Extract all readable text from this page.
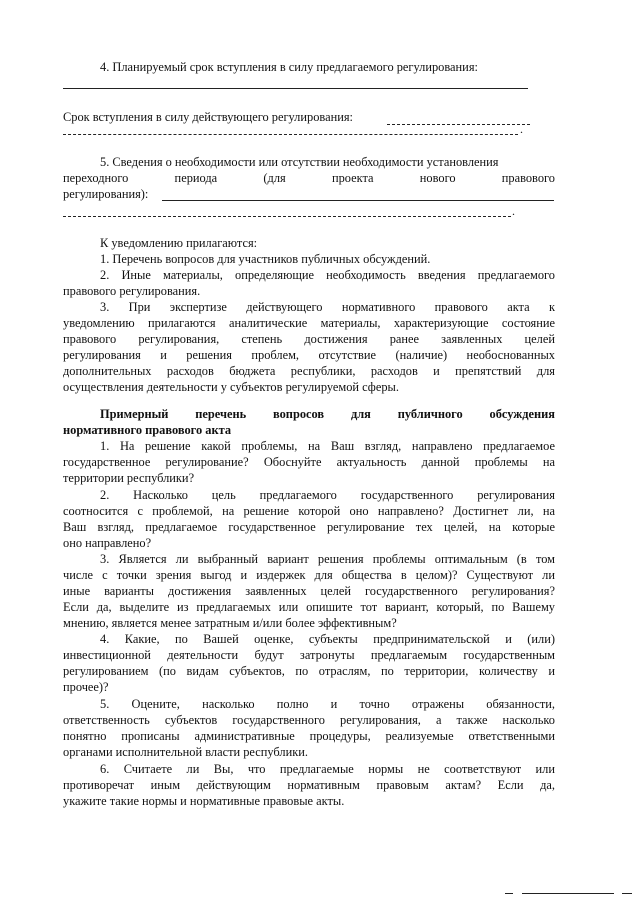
4. Планируемый срок вступления в силу предлагаемого регулирования:
Срок вступления в силу действующего регулирования:
.
5. Сведения о необходимости или отсутствии необходимости установления
переходного периода (для проекта нового правового
регулирования):
.
К уведомлению прилагаются:
1. Перечень вопросов для участников публичных обсуждений.
2. Иные материалы, определяющие необходимость введения предлагаемого
правового регулирования.
3. При экспертизе действующего нормативного правового акта к
уведомлению прилагаются аналитические материалы, характеризующие состояние
правового регулирования, степень достижения ранее заявленных целей
регулирования и решения проблем, отсутствие (наличие) необоснованных
дополнительных расходов бюджета республики, расходов и препятствий для
осуществления деятельности у субъектов регулируемой сферы.
Примерный перечень вопросов для публичного обсуждения
нормативного правового акта
1. На решение какой проблемы, на Ваш взгляд, направлено предлагаемое
государственное регулирование? Обоснуйте актуальность данной проблемы на
территории республики?
2. Насколько цель предлагаемого государственного регулирования
соотносится с проблемой, на решение которой оно направлено? Достигнет ли, на
Ваш взгляд, предлагаемое государственное регулирование тех целей, на которые
оно направлено?
3. Является ли выбранный вариант решения проблемы оптимальным (в том
числе с точки зрения выгод и издержек для общества в целом)? Существуют ли
иные варианты достижения заявленных целей государственного регулирования?
Если да, выделите из предлагаемых или опишите тот вариант, который, по Вашему
мнению, является менее затратным и/или более эффективным?
4. Какие, по Вашей оценке, субъекты предпринимательской и (или)
инвестиционной деятельности будут затронуты предлагаемым государственным
регулированием (по видам субъектов, по отраслям, по территории, количеству и
прочее)?
5. Оцените, насколько полно и точно отражены обязанности,
ответственность субъектов государственного регулирования, а также насколько
понятно прописаны административные процедуры, реализуемые ответственными
органами исполнительной власти республики.
6. Считаете ли Вы, что предлагаемые нормы не соответствуют или
противоречат иным действующим нормативным правовым актам? Если да,
укажите такие нормы и нормативные правовые акты.
